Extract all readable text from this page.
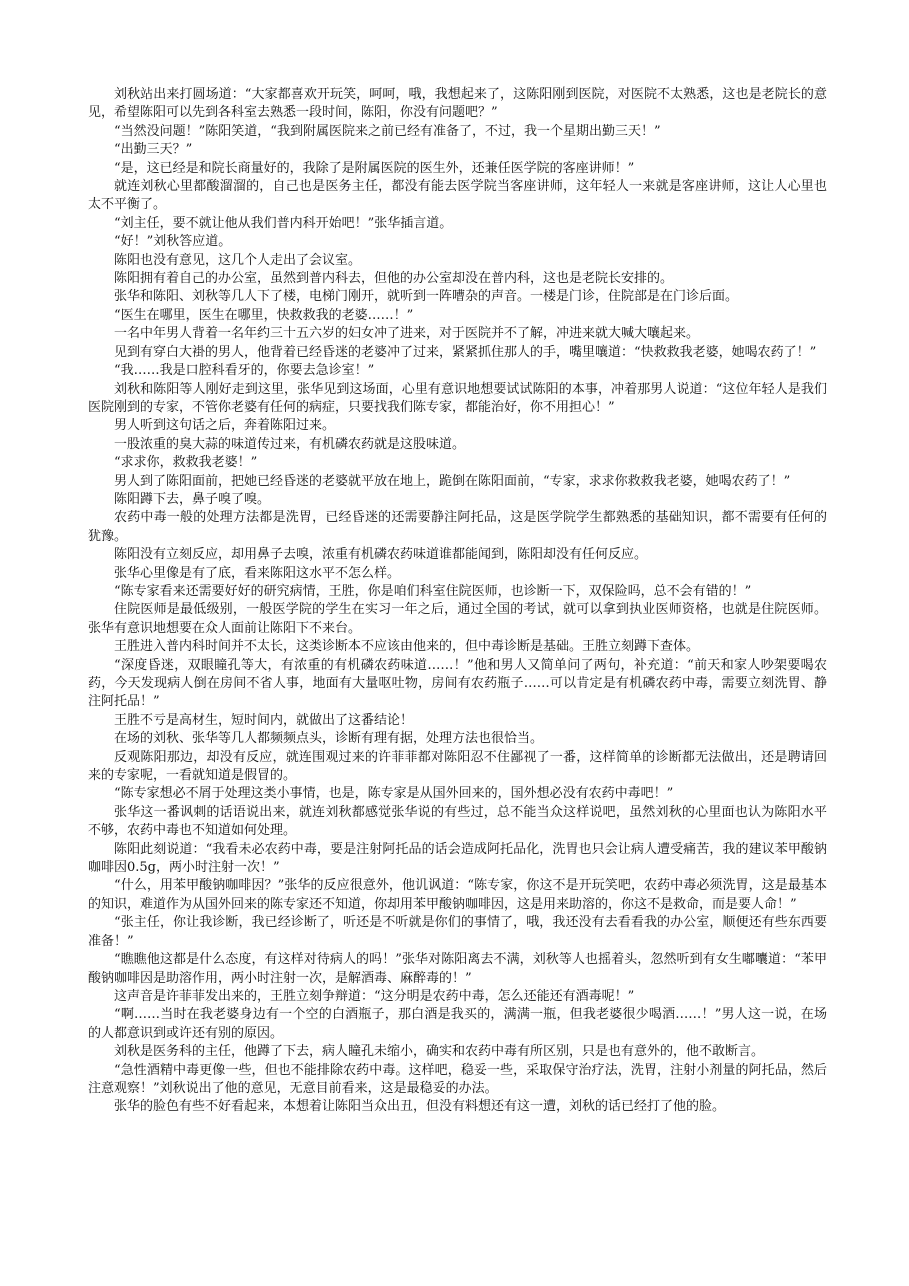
刘秋站出来打圆场道：“大家都喜欢开玩笑，呵呵，哦，我想起来了，这陈阳刚到医院，对医院不太熟悉，这也是老院长的意见，希望陈阳可以先到各科室去熟悉一段时间，陈阳，你没有问题吧？”

“当然没问题！”陈阳笑道，“我到附属医院来之前已经有准备了，不过，我一个星期出勤三天！”

“出勤三天？”

“是，这已经是和院长商量好的，我除了是附属医院的医生外，还兼任医学院的客座讲师！”

就连刘秋心里都酸溜溜的，自己也是医务主任，都没有能去医学院当客座讲师，这年轻人一来就是客座讲师，这让人心里也太不平衡了。

“刘主任，要不就让他从我们普内科开始吧！”张华插言道。

“好！”刘秋答应道。

陈阳也没有意见，这几个人走出了会议室。

陈阳拥有着自己的办公室，虽然到普内科去，但他的办公室却没在普内科，这也是老院长安排的。

张华和陈阳、刘秋等几人下了楼，电梯门刚开，就听到一阵嘈杂的声音。一楼是门诊，住院部是在门诊后面。

“医生在哪里，医生在哪里，快救救我的老婆……！”

一名中年男人背着一名年约三十五六岁的妇女冲了进来，对于医院并不了解，冲进来就大喊大嚷起来。

见到有穿白大褂的男人，他背着已经昏迷的老婆冲了过来，紧紧抓住那人的手，嘴里嚷道：“快救救我老婆，她喝农药了！”

“我……我是口腔科看牙的，你要去急诊室！”

刘秋和陈阳等人刚好走到这里，张华见到这场面，心里有意识地想要试试陈阳的本事，冲着那男人说道：“这位年轻人是我们医院刚到的专家，不管你老婆有任何的病症，只要找我们陈专家，都能治好，你不用担心！”

男人听到这句话之后，奔着陈阳过来。

一股浓重的臭大蒜的味道传过来，有机磷农药就是这股味道。

“求求你，救救我老婆！”

男人到了陈阳面前，把她已经昏迷的老婆就平放在地上，跪倒在陈阳面前，“专家，求求你救救我老婆，她喝农药了！”

陈阳蹲下去，鼻子嗅了嗅。

农药中毒一般的处理方法都是洗胃，已经昏迷的还需要静注阿托品，这是医学院学生都熟悉的基础知识，都不需要有任何的犹豫。

陈阳没有立刻反应，却用鼻子去嗅，浓重有机磷农药味道谁都能闻到，陈阳却没有任何反应。

张华心里像是有了底，看来陈阳这水平不怎么样。

“陈专家看来还需要好好的研究病情，王胜，你是咱们科室住院医师，也诊断一下，双保险吗，总不会有错的！”

住院医师是最低级别，一般医学院的学生在实习一年之后，通过全国的考试，就可以拿到执业医师资格，也就是住院医师。张华有意识地想要在众人面前让陈阳下不来台。

王胜进入普内科时间并不太长，这类诊断本不应该由他来的，但中毒诊断是基础。王胜立刻蹲下查体。

“深度昏迷，双眼瞳孔等大，有浓重的有机磷农药味道……！”他和男人又简单问了两句，补充道：“前天和家人吵架要喝农药，今天发现病人倒在房间不省人事，地面有大量呕吐物，房间有农药瓶子……可以肯定是有机磷农药中毒，需要立刻洗胃、静注阿托品！”

王胜不亏是高材生，短时间内，就做出了这番结论！

在场的刘秋、张华等几人都频频点头，诊断有理有据，处理方法也很恰当。

反观陈阳那边，却没有反应，就连围观过来的许菲菲都对陈阳忍不住鄙视了一番，这样简单的诊断都无法做出，还是聘请回来的专家呢，一看就知道是假冒的。

“陈专家想必不屑于处理这类小事情，也是，陈专家是从国外回来的，国外想必没有农药中毒吧！”

张华这一番讽刺的话语说出来，就连刘秋都感觉张华说的有些过，总不能当众这样说吧，虽然刘秋的心里面也认为陈阳水平不够，农药中毒也不知道如何处理。

陈阳此刻说道：“我看未必农药中毒，要是注射阿托品的话会造成阿托品化，洗胃也只会让病人遭受痛苦，我的建议苯甲酸钠咖啡因0.5g，两小时注射一次！”

“什么，用苯甲酸钠咖啡因？”张华的反应很意外，他讥讽道：“陈专家，你这不是开玩笑吧，农药中毒必须洗胃，这是最基本的知识，难道作为从国外回来的陈专家还不知道，你却用苯甲酸钠咖啡因，这是用来助溶的，你这不是救命，而是要人命！”

“张主任，你让我诊断，我已经诊断了，听还是不听就是你们的事情了，哦，我还没有去看看我的办公室，顺便还有些东西要准备！”

“瞧瞧他这都是什么态度，有这样对待病人的吗！”张华对陈阳离去不满，刘秋等人也摇着头，忽然听到有女生嘟囔道：“苯甲酸钠咖啡因是助溶作用，两小时注射一次，是解酒毒、麻醉毒的！”

这声音是许菲菲发出来的，王胜立刻争辩道：“这分明是农药中毒，怎么还能还有酒毒呢！”

“啊……当时在我老婆身边有一个空的白酒瓶子，那白酒是我买的，满满一瓶，但我老婆很少喝酒……！”男人这一说，在场的人都意识到或许还有别的原因。

刘秋是医务科的主任，他蹲了下去，病人瞳孔未缩小，确实和农药中毒有所区别，只是也有意外的，他不敢断言。

“急性酒精中毒更像一些，但也不能排除农药中毒。这样吧，稳妥一些，采取保守治疗法，洗胃，注射小剂量的阿托品，然后注意观察！”刘秋说出了他的意见，无意目前看来，这是最稳妥的办法。

张华的脸色有些不好看起来，本想着让陈阳当众出丑，但没有料想还有这一遭，刘秋的话已经打了他的脸。
